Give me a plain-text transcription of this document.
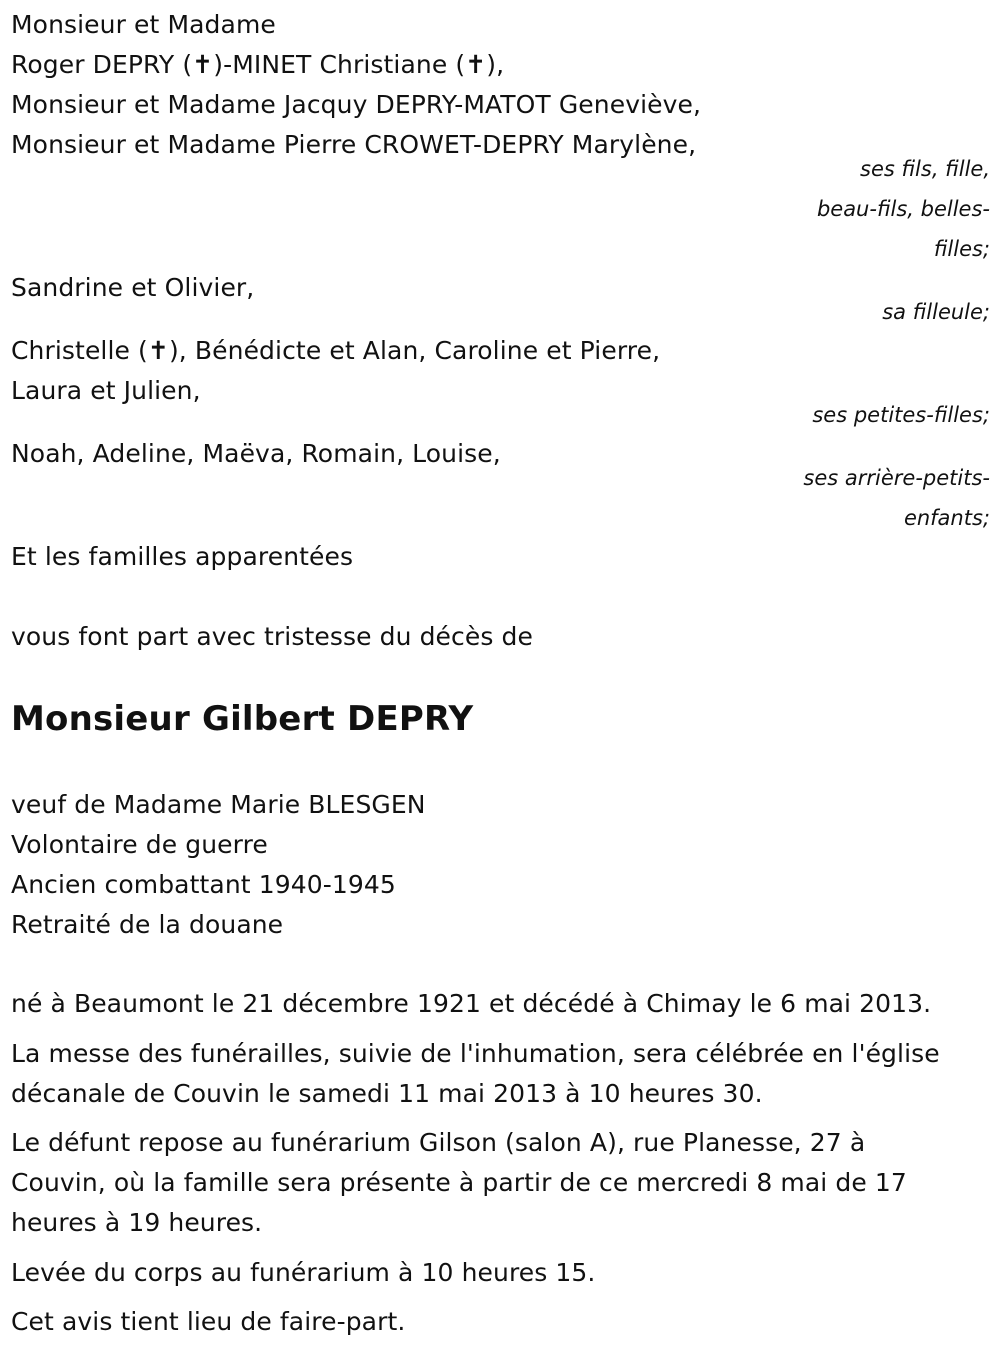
Monsieur et Madame
Roger DEPRY (✝)-MINET Christiane (✝),
Monsieur et Madame Jacquy DEPRY-MATOT Geneviève,
Monsieur et Madame Pierre CROWET-DEPRY Marylène,
ses fils, fille,
beau-fils, belles-
filles;
Sandrine et Olivier,
sa filleule;
Christelle (✝), Bénédicte et Alan, Caroline et Pierre,
Laura et Julien,
ses petites-filles;
Noah, Adeline, Maëva, Romain, Louise,
ses arrière-petits-
enfants;
Et les familles apparentées
vous font part avec tristesse du décès de
Monsieur Gilbert DEPRY
veuf de Madame Marie BLESGEN
Volontaire de guerre
Ancien combattant 1940-1945
Retraité de la douane
né à Beaumont le 21 décembre 1921 et décédé à Chimay le 6 mai 2013.
La messe des funérailles, suivie de l'inhumation, sera célébrée en l'église
décanale de Couvin le samedi 11 mai 2013 à 10 heures 30.
Le défunt repose au funérarium Gilson (salon A), rue Planesse, 27 à
Couvin, où la famille sera présente à partir de ce mercredi 8 mai de 17
heures à 19 heures.
Levée du corps au funérarium à 10 heures 15.
Cet avis tient lieu de faire-part.
